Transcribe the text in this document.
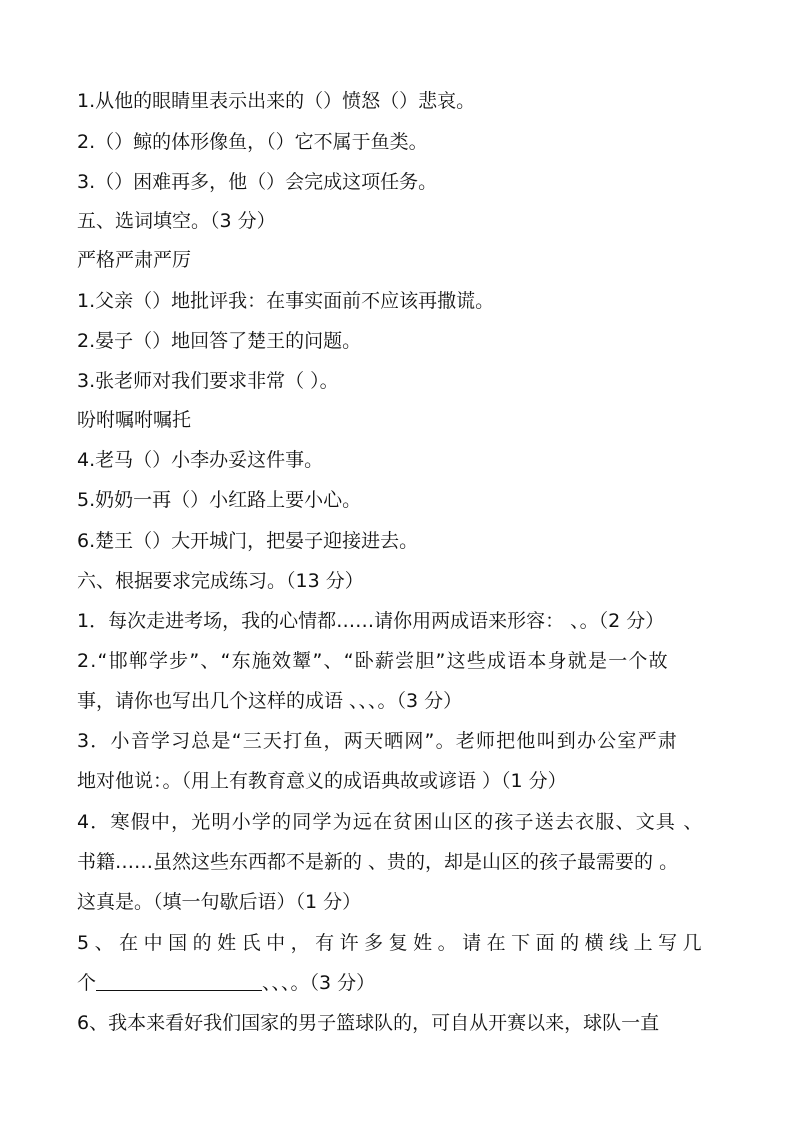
1.从他的眼睛里表示出来的（）愤怒（）悲哀。
2.（）鲸的体形像鱼，（）它不属于鱼类。
3.（）困难再多，他（）会完成这项任务。
五、选词填空。（3 分）
严格严肃严厉
1.父亲（）地批评我：在事实面前不应该再撒谎。
2.晏子（）地回答了楚王的问题。
3.张老师对我们要求非常（ ）。
吩咐嘱咐嘱托
4.老马（）小李办妥这件事。
5.奶奶一再（）小红路上要小心。
6.楚王（）大开城门，把晏子迎接进去。
六、根据要求完成练习。（13 分）
1．每次走进考场，我的心情都……请你用两成语来形容： 、。（2 分）
2.“邯郸学步”、“东施效颦”、“卧薪尝胆”这些成语本身就是一个故
事，请你也写出几个这样的成语 、、、。（3 分）
3．小音学习总是“三天打鱼，两天晒网”。老师把他叫到办公室严肃
地对他说：。（用上有教育意义的成语典故或谚语 ）（1 分）
4．寒假中，光明小学的同学为远在贫困山区的孩子送去衣服、文具 、
书籍……虽然这些东西都不是新的 、贵的，却是山区的孩子最需要的 。
这真是。（填一句歇后语）（1 分）
5、在中国的姓氏中，有许多复姓。请在下面的横线上写几
个	、、、。（3 分）
6、我本来看好我们国家的男子篮球队的，可自从开赛以来，球队一直
